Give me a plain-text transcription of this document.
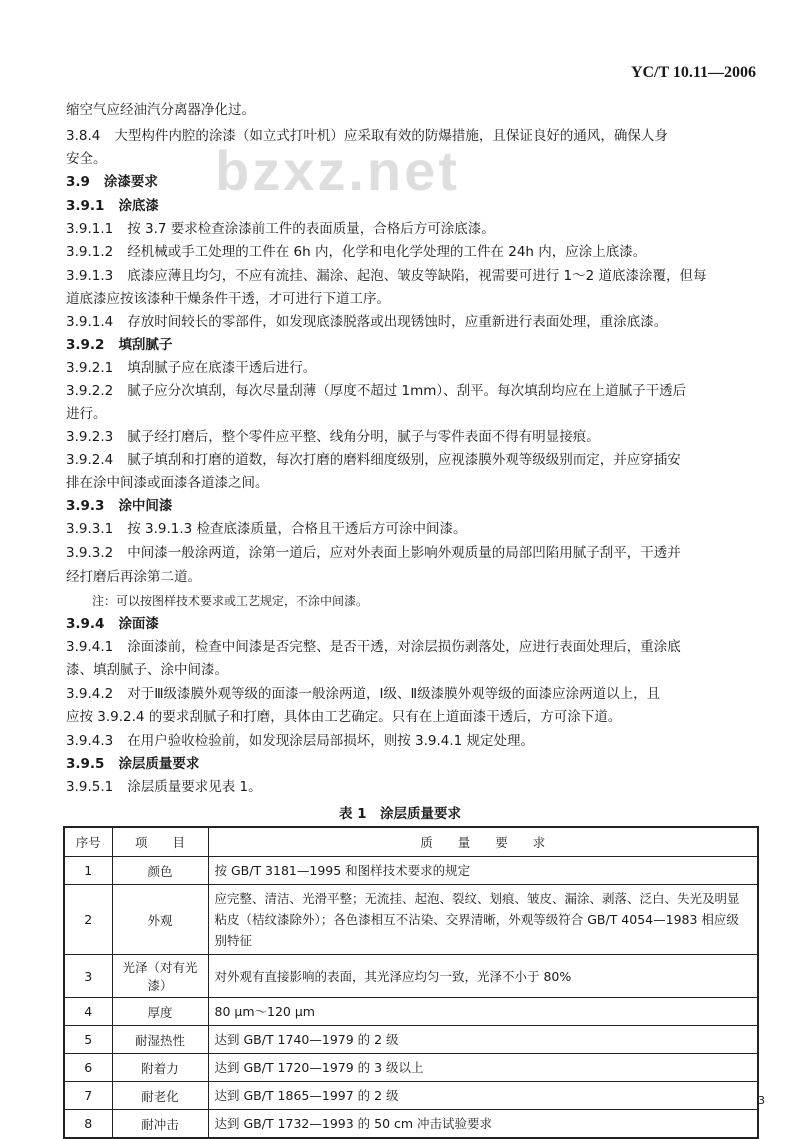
YC/T 10.11—2006
bzxz.net
缩空气应经油汽分离器净化过。
3.8.4 大型构件内腔的涂漆（如立式打叶机）应采取有效的防爆措施，且保证良好的通风，确保人身
安全。
3.9 涂漆要求
3.9.1 涂底漆
3.9.1.1 按 3.7 要求检查涂漆前工件的表面质量，合格后方可涂底漆。
3.9.1.2 经机械或手工处理的工件在 6h 内，化学和电化学处理的工件在 24h 内，应涂上底漆。
3.9.1.3 底漆应薄且均匀，不应有流挂、漏涂、起泡、皱皮等缺陷，视需要可进行 1～2 道底漆涂覆，但每
道底漆应按该漆种干燥条件干透，才可进行下道工序。
3.9.1.4 存放时间较长的零部件，如发现底漆脱落或出现锈蚀时，应重新进行表面处理，重涂底漆。
3.9.2 填刮腻子
3.9.2.1 填刮腻子应在底漆干透后进行。
3.9.2.2 腻子应分次填刮，每次尽量刮薄（厚度不超过 1mm）、刮平。每次填刮均应在上道腻子干透后
进行。
3.9.2.3 腻子经打磨后，整个零件应平整、线角分明，腻子与零件表面不得有明显接痕。
3.9.2.4 腻子填刮和打磨的道数，每次打磨的磨料细度级别，应视漆膜外观等级级别而定，并应穿插安
排在涂中间漆或面漆各道漆之间。
3.9.3 涂中间漆
3.9.3.1 按 3.9.1.3 检查底漆质量，合格且干透后方可涂中间漆。
3.9.3.2 中间漆一般涂两道，涂第一道后，应对外表面上影响外观质量的局部凹陷用腻子刮平，干透并
经打磨后再涂第二道。
注：可以按图样技术要求或工艺规定，不涂中间漆。
3.9.4 涂面漆
3.9.4.1 涂面漆前，检查中间漆是否完整、是否干透，对涂层损伤剥落处，应进行表面处理后，重涂底
漆、填刮腻子、涂中间漆。
3.9.4.2 对于Ⅲ级漆膜外观等级的面漆一般涂两道，Ⅰ级、Ⅱ级漆膜外观等级的面漆应涂两道以上，且
应按 3.9.2.4 的要求刮腻子和打磨，具体由工艺确定。只有在上道面漆干透后，方可涂下道。
3.9.4.3 在用户验收检验前，如发现涂层局部损坏，则按 3.9.4.1 规定处理。
3.9.5 涂层质量要求
3.9.5.1 涂层质量要求见表 1。
表 1　涂层质量要求
序号	项　　目	质　　量　　要　　求
1	颜色	按 GB/T 3181—1995 和图样技术要求的规定
2	外观	应完整、清洁、光滑平整；无流挂、起泡、裂纹、划痕、皱皮、漏涂、剥落、泛白、失光及明显粘皮（桔纹漆除外）；各色漆相互不沾染、交界清晰，外观等级符合 GB/T 4054—1983 相应级别特征
3	光泽（对有光漆）	对外观有直接影响的表面，其光泽应均匀一致，光泽不小于 80%
4	厚度	80 μm～120 μm
5	耐湿热性	达到 GB/T 1740—1979 的 2 级
6	附着力	达到 GB/T 1720—1979 的 3 级以上
7	耐老化	达到 GB/T 1865—1997 的 2 级
8	耐冲击	达到 GB/T 1732—1993 的 50 cm 冲击试验要求
3
